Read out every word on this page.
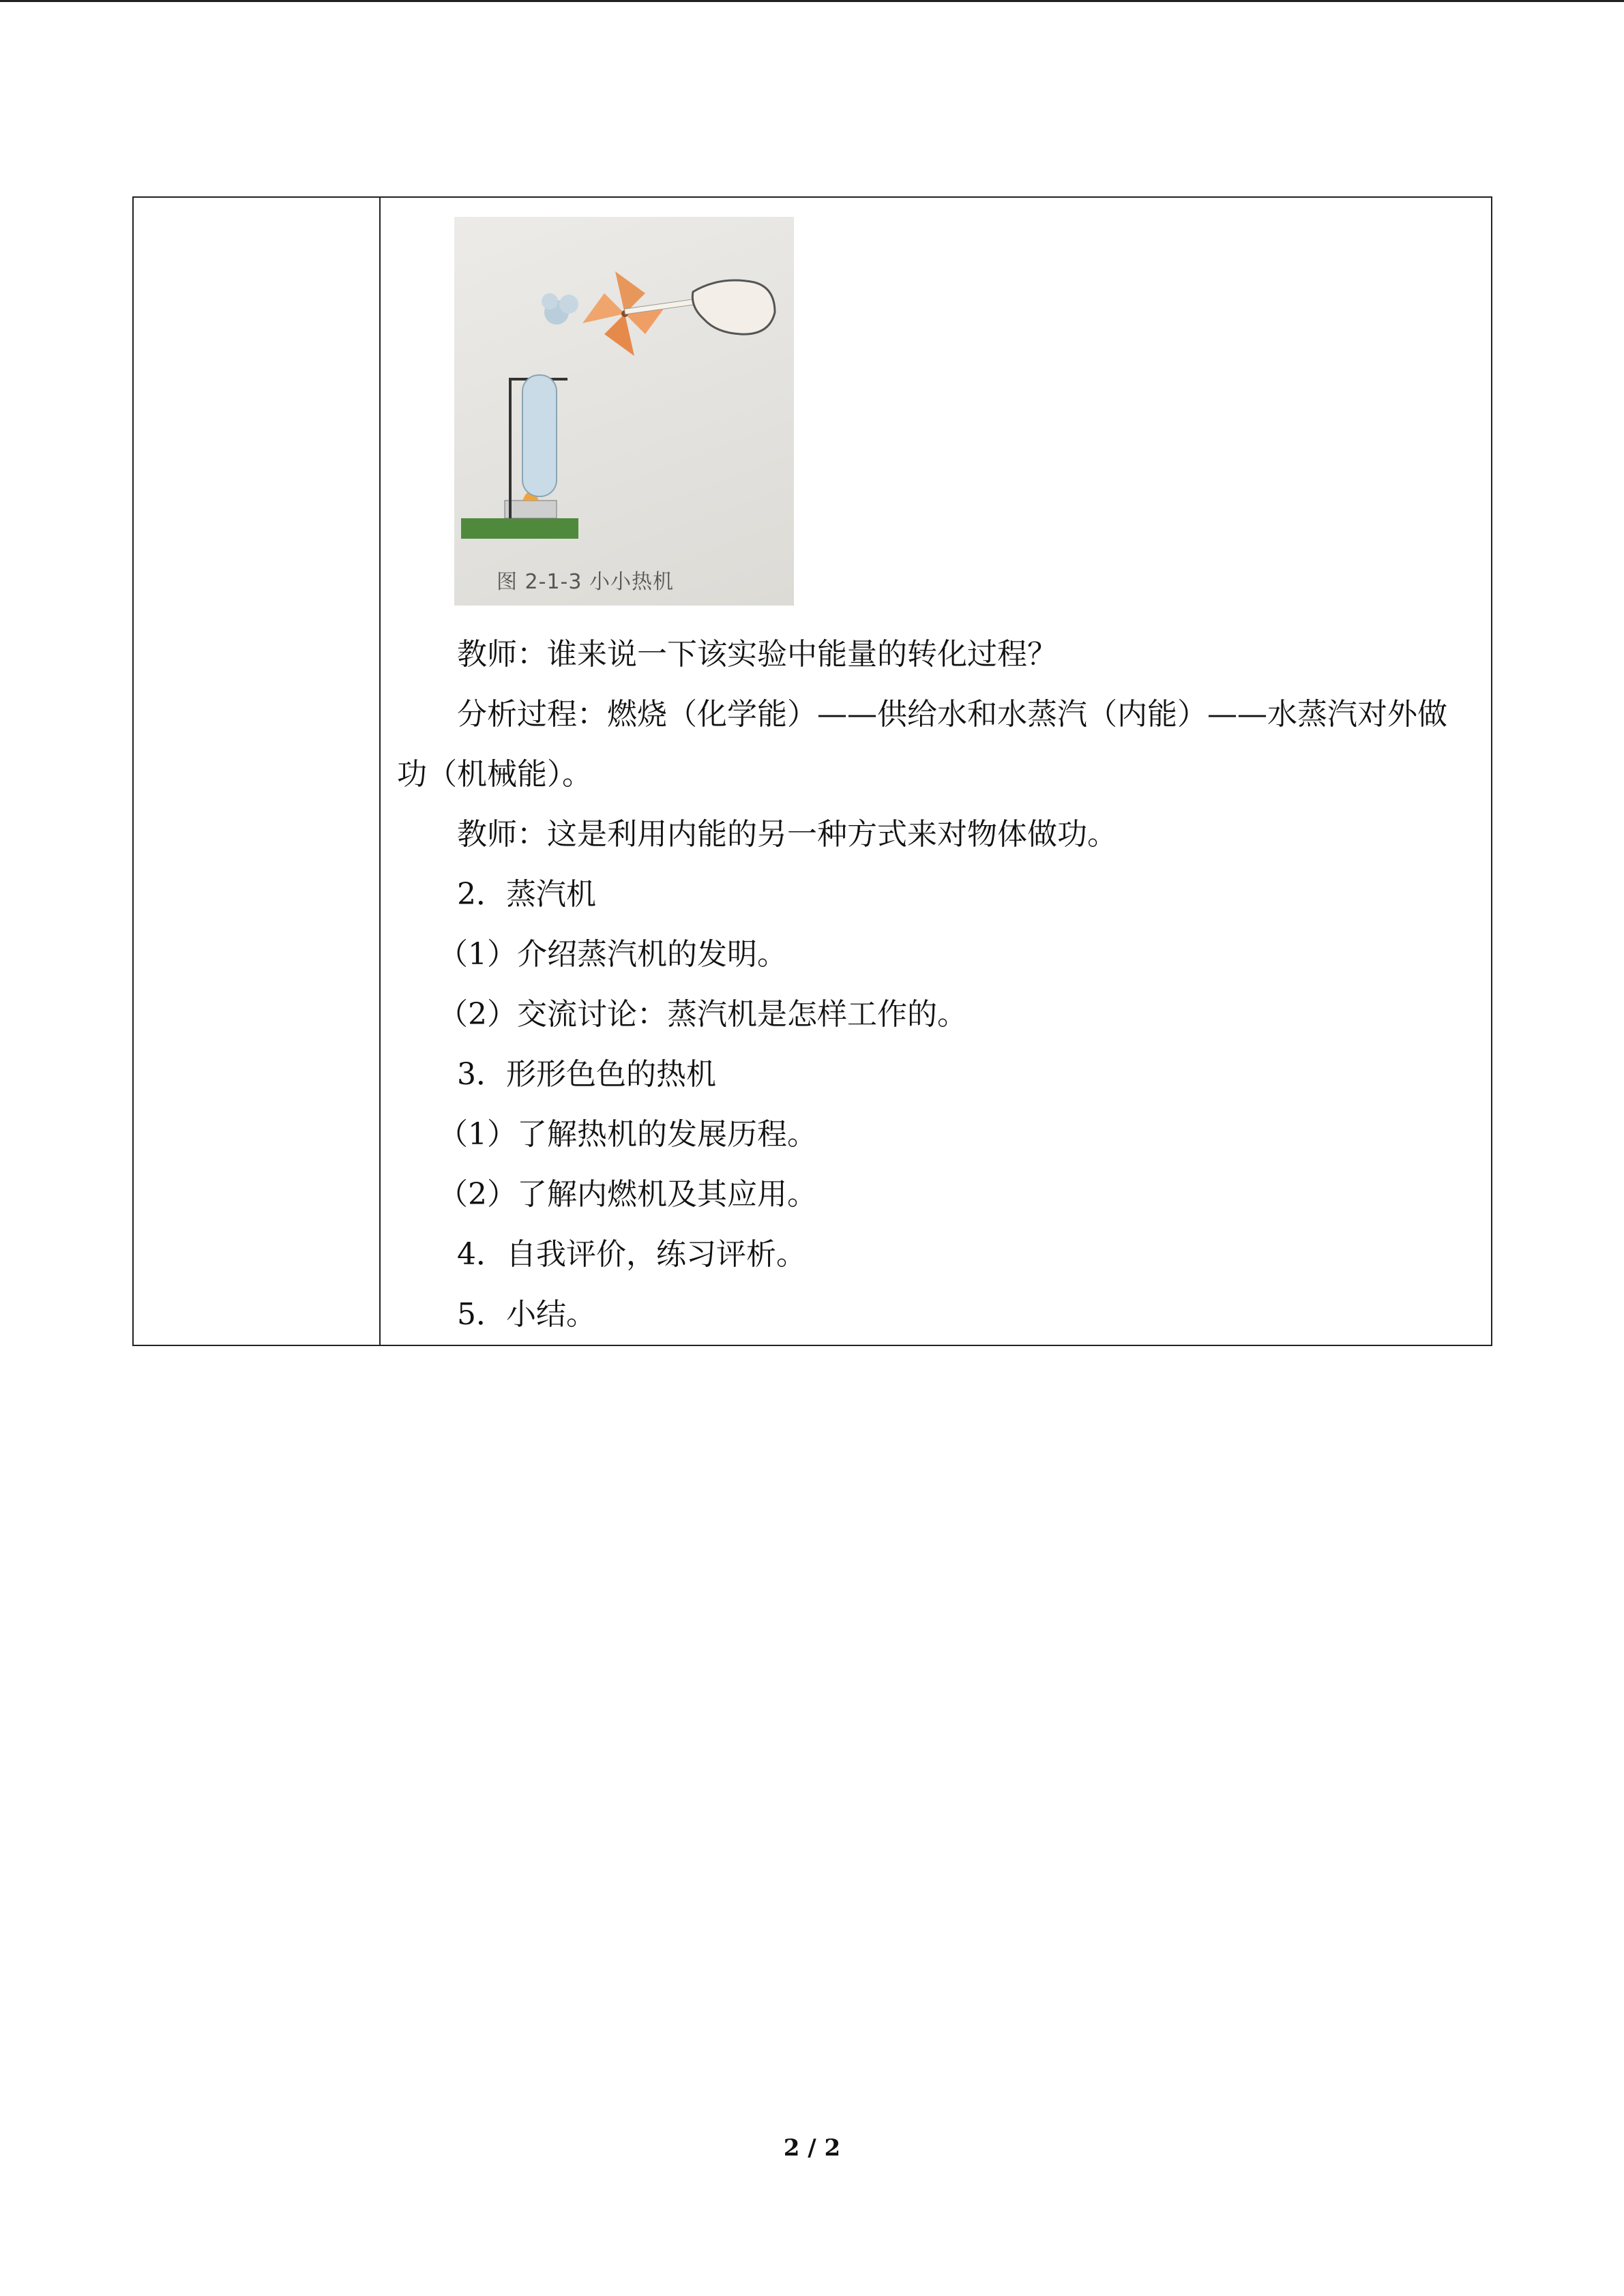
图 2-1-3 小小热机

教师：谁来说一下该实验中能量的转化过程？

分析过程：燃烧（化学能）——供给水和水蒸汽（内能）——水蒸汽对外做功（机械能）。

教师：这是利用内能的另一种方式来对物体做功。

2．蒸汽机

（1）介绍蒸汽机的发明。

（2）交流讨论：蒸汽机是怎样工作的。

3．形形色色的热机

（1）了解热机的发展历程。

（2）了解内燃机及其应用。

4．自我评价，练习评析。

5．小结。

2 / 2
